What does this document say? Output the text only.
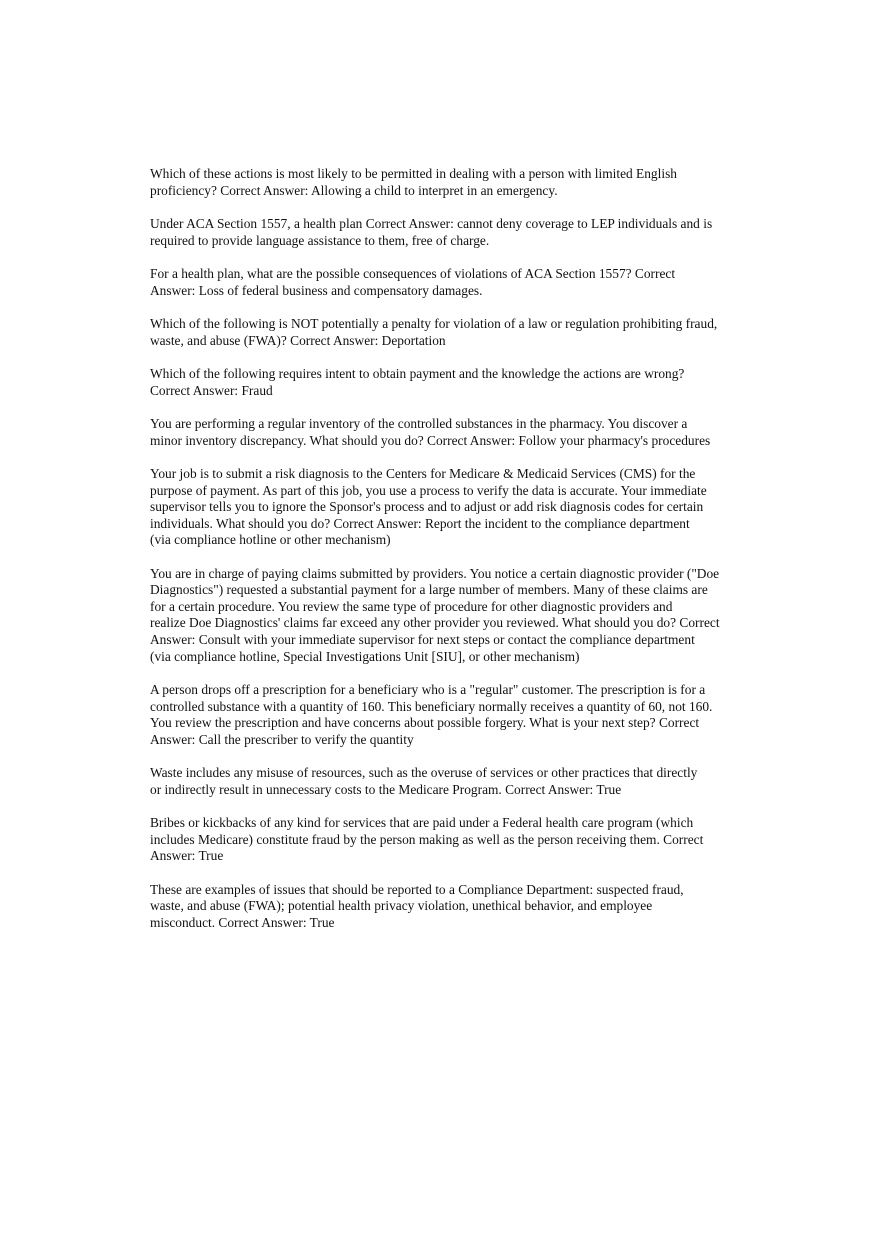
Which of these actions is most likely to be permitted in dealing with a person with limited English
proficiency? Correct Answer: Allowing a child to interpret in an emergency.

Under ACA Section 1557, a health plan Correct Answer: cannot deny coverage to LEP individuals and is
required to provide language assistance to them, free of charge.

For a health plan, what are the possible consequences of violations of ACA Section 1557? Correct
Answer: Loss of federal business and compensatory damages.

Which of the following is NOT potentially a penalty for violation of a law or regulation prohibiting fraud,
waste, and abuse (FWA)? Correct Answer: Deportation

Which of the following requires intent to obtain payment and the knowledge the actions are wrong?
Correct Answer: Fraud

You are performing a regular inventory of the controlled substances in the pharmacy. You discover a
minor inventory discrepancy. What should you do? Correct Answer: Follow your pharmacy's procedures

Your job is to submit a risk diagnosis to the Centers for Medicare & Medicaid Services (CMS) for the
purpose of payment. As part of this job, you use a process to verify the data is accurate. Your immediate
supervisor tells you to ignore the Sponsor's process and to adjust or add risk diagnosis codes for certain
individuals. What should you do? Correct Answer: Report the incident to the compliance department
(via compliance hotline or other mechanism)

You are in charge of paying claims submitted by providers. You notice a certain diagnostic provider ("Doe
Diagnostics") requested a substantial payment for a large number of members. Many of these claims are
for a certain procedure. You review the same type of procedure for other diagnostic providers and
realize Doe Diagnostics' claims far exceed any other provider you reviewed. What should you do? Correct
Answer: Consult with your immediate supervisor for next steps or contact the compliance department
(via compliance hotline, Special Investigations Unit [SIU], or other mechanism)

A person drops off a prescription for a beneficiary who is a "regular" customer. The prescription is for a
controlled substance with a quantity of 160. This beneficiary normally receives a quantity of 60, not 160.
You review the prescription and have concerns about possible forgery. What is your next step? Correct
Answer: Call the prescriber to verify the quantity

Waste includes any misuse of resources, such as the overuse of services or other practices that directly
or indirectly result in unnecessary costs to the Medicare Program. Correct Answer: True

Bribes or kickbacks of any kind for services that are paid under a Federal health care program (which
includes Medicare) constitute fraud by the person making as well as the person receiving them. Correct
Answer: True

These are examples of issues that should be reported to a Compliance Department: suspected fraud,
waste, and abuse (FWA); potential health privacy violation, unethical behavior, and employee
misconduct. Correct Answer: True
